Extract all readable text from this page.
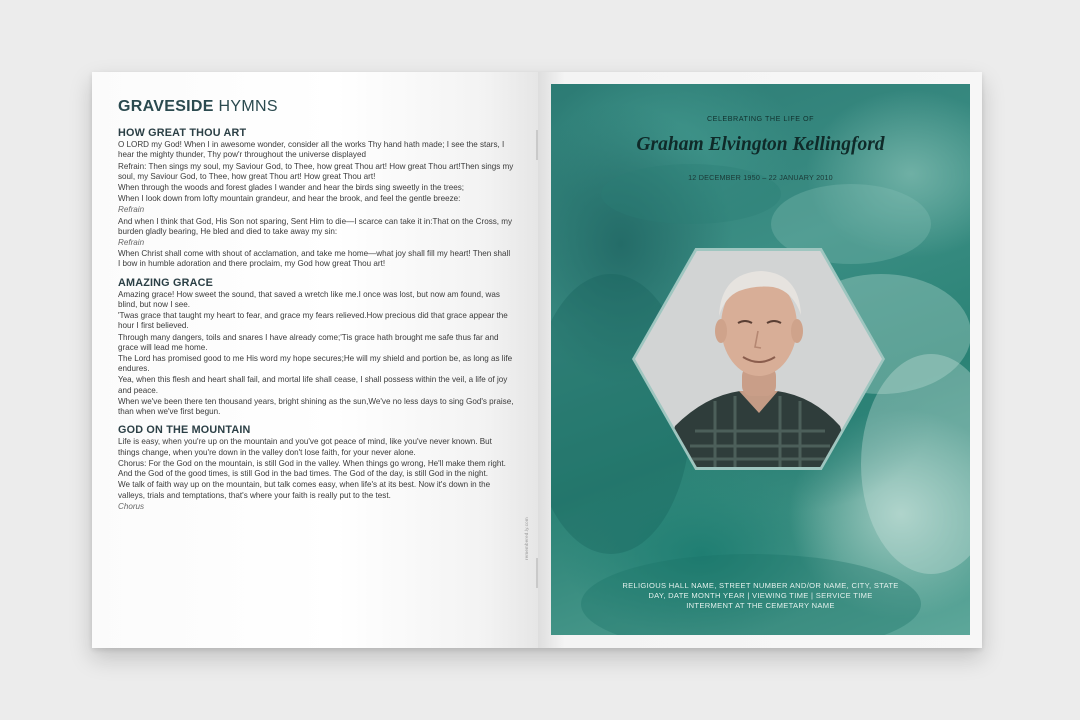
GRAVESIDE HYMNS
HOW GREAT THOU ART
O LORD my God! When I in awesome wonder, consider all the works Thy hand hath made; I see the stars, I hear the mighty thunder, Thy pow'r throughout the universe displayed
Refrain: Then sings my soul, my Saviour God, to Thee, how great Thou art! How great Thou art!Then sings my soul, my Saviour God, to Thee, how great Thou art! How great Thou art!
When through the woods and forest glades I wander and hear the birds sing sweetly in the trees;
When I look down from lofty mountain grandeur, and hear the brook, and feel the gentle breeze:
Refrain
And when I think that God, His Son not sparing, Sent Him to die—I scarce can take it in:That on the Cross, my burden gladly bearing, He bled and died to take away my sin:
Refrain
When Christ shall come with shout of acclamation, and take me home—what joy shall fill my heart! Then shall I bow in humble adoration and there proclaim, my God how great Thou art!
AMAZING GRACE
Amazing grace! How sweet the sound, that saved a wretch like me.I once was lost, but now am found, was blind, but now I see.
'Twas grace that taught my heart to fear, and grace my fears relieved.How precious did that grace appear the hour I first believed.
Through many dangers, toils and snares I have already come;'Tis grace hath brought me safe thus far and grace will lead me home.
The Lord has promised good to me His word my hope secures;He will my shield and portion be, as long as life endures.
Yea, when this flesh and heart shall fail, and mortal life shall cease, I shall possess within the veil, a life of joy and peace.
When we've been there ten thousand years, bright shining as the sun,We've no less days to sing God's praise, than when we've first begun.
GOD ON THE MOUNTAIN
Life is easy, when you're up on the mountain and you've got peace of mind, like you've never known. But things change, when you're down in the valley don't lose faith, for your never alone.
Chorus: For the God on the mountain, is still God in the valley. When things go wrong, He'll make them right. And the God of the good times, is still God in the bad times. The God of the day, is still God in the night.
We talk of faith way up on the mountain, but talk comes easy, when life's at its best. Now it's down in the valleys, trials and temptations, that's where your faith is really put to the test.
Chorus
remembered.ly.com
CELEBRATING THE LIFE OF
Graham Elvington Kellingford
12 DECEMBER 1950 – 22 JANUARY 2010
RELIGIOUS HALL NAME, STREET NUMBER AND/OR NAME, CITY, STATE
DAY, DATE MONTH YEAR | VIEWING TIME | SERVICE TIME
INTERMENT AT THE CEMETARY NAME
